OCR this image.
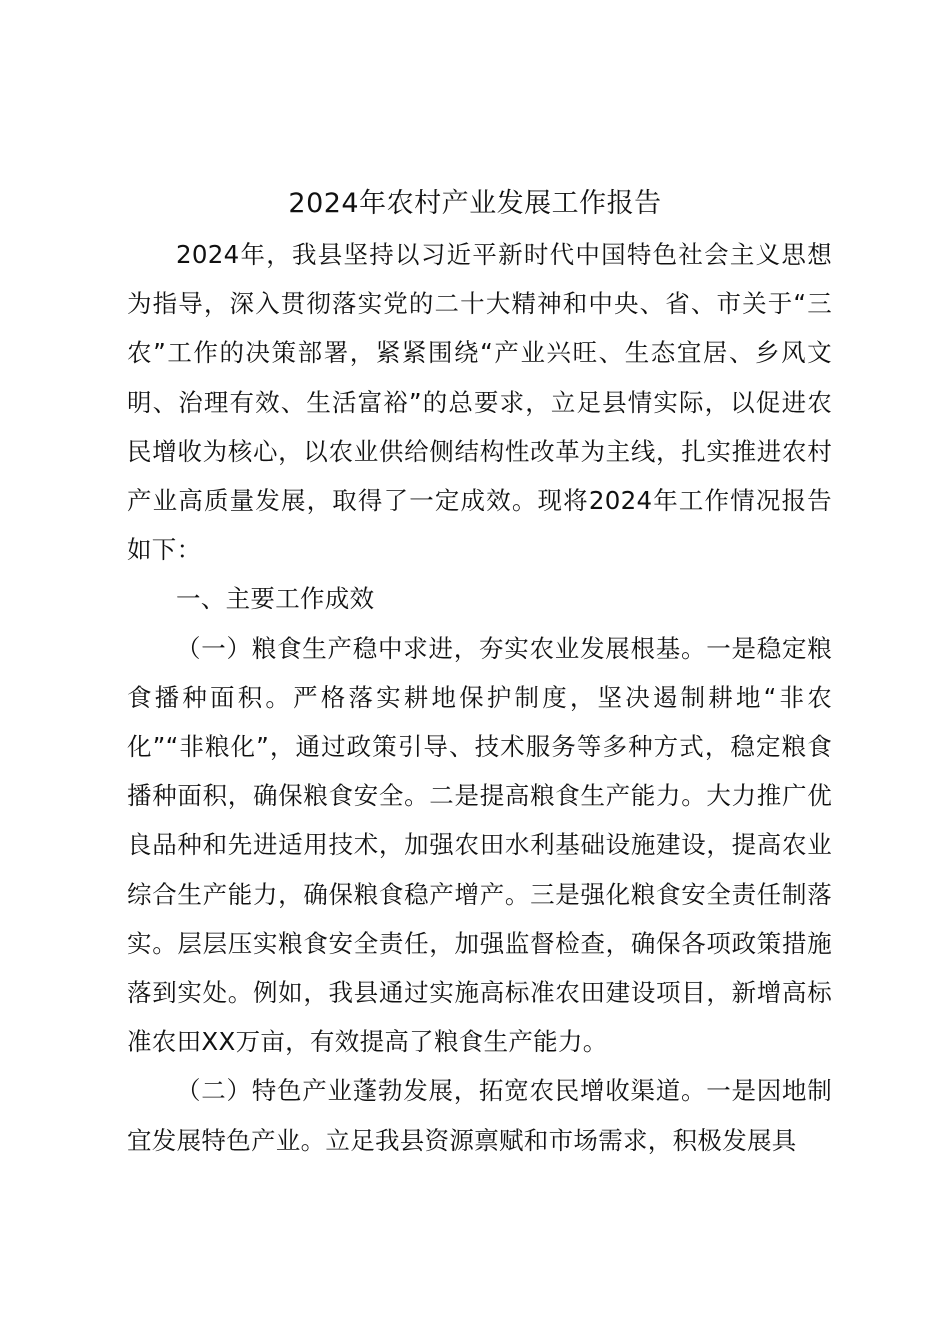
2024年农村产业发展工作报告

2024年，我县坚持以习近平新时代中国特色社会主义思想为指导，深入贯彻落实党的二十大精神和中央、省、市关于“三农”工作的决策部署，紧紧围绕“产业兴旺、生态宜居、乡风文明、治理有效、生活富裕”的总要求，立足县情实际，以促进农民增收为核心，以农业供给侧结构性改革为主线，扎实推进农村产业高质量发展，取得了一定成效。现将2024年工作情况报告如下：

一、主要工作成效

（一）粮食生产稳中求进，夯实农业发展根基。一是稳定粮食播种面积。严格落实耕地保护制度，坚决遏制耕地“非农化”“非粮化”，通过政策引导、技术服务等多种方式，稳定粮食播种面积，确保粮食安全。二是提高粮食生产能力。大力推广优良品种和先进适用技术，加强农田水利基础设施建设，提高农业综合生产能力，确保粮食稳产增产。三是强化粮食安全责任制落实。层层压实粮食安全责任，加强监督检查，确保各项政策措施落到实处。例如，我县通过实施高标准农田建设项目，新增高标准农田XX万亩，有效提高了粮食生产能力。

（二）特色产业蓬勃发展，拓宽农民增收渠道。一是因地制宜发展特色产业。立足我县资源禀赋和市场需求，积极发展具
